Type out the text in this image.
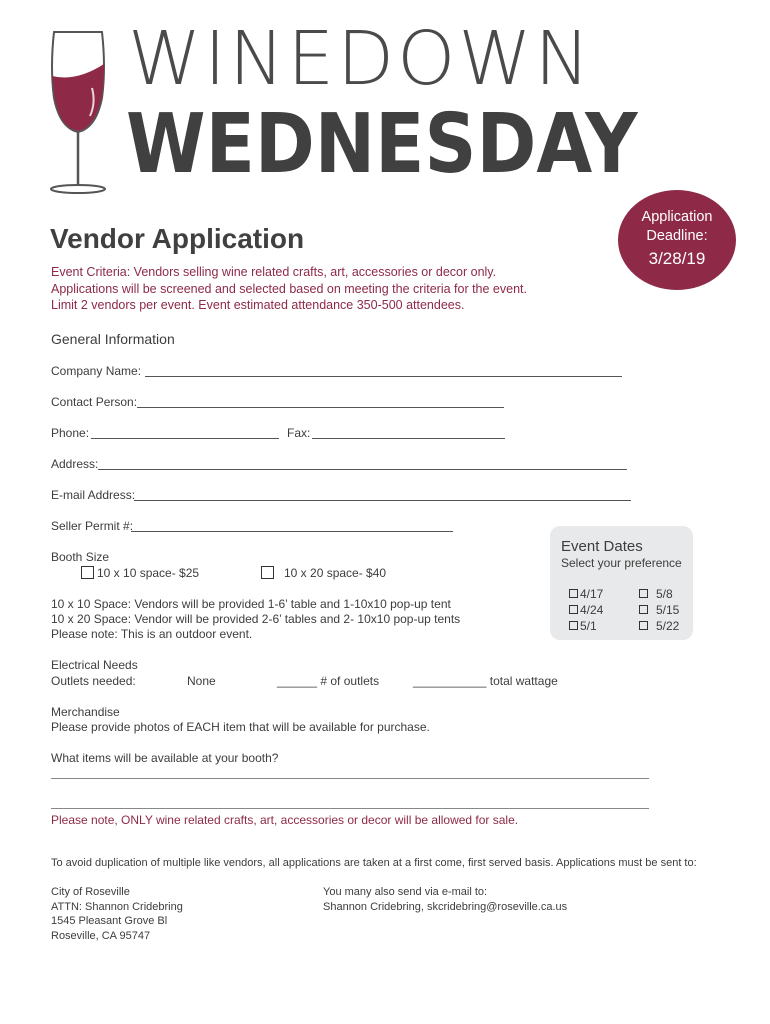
WINEDOWN
WEDNESDAY
Application
Deadline:
3/28/19
Vendor Application
Event Criteria: Vendors selling wine related crafts, art, accessories or decor only.
Applications will be screened and selected based on meeting the criteria for the event.
Limit 2 vendors per event. Event estimated attendance 350-500 attendees.
General Information
Company Name:
Contact Person:
Phone:	Fax:
Address:
E-mail Address:
Seller Permit #:
Booth Size
10 x 10 space- $25	10 x 20 space- $40
10 x 10 Space: Vendors will be provided 1-6’ table and 1-10x10 pop-up tent
10 x 20 Space: Vendor will be provided 2-6’ tables and 2- 10x10 pop-up tents
Please note: This is an outdoor event.
Event Dates
Select your preference
4/17	5/8
4/24	5/15
5/1	5/22
Electrical Needs
Outlets needed:	None	______ # of outlets	___________ total wattage
Merchandise
Please provide photos of EACH item that will be available for purchase.
What items will be available at your booth?
Please note, ONLY wine related crafts, art, accessories or decor will be allowed for sale.
To avoid duplication of multiple like vendors, all applications are taken at a first come, first served basis. Applications must be sent to:
City of Roseville
ATTN: Shannon Cridebring
1545 Pleasant Grove Bl
Roseville, CA 95747
You many also send via e-mail to:
Shannon Cridebring, skcridebring@roseville.ca.us
